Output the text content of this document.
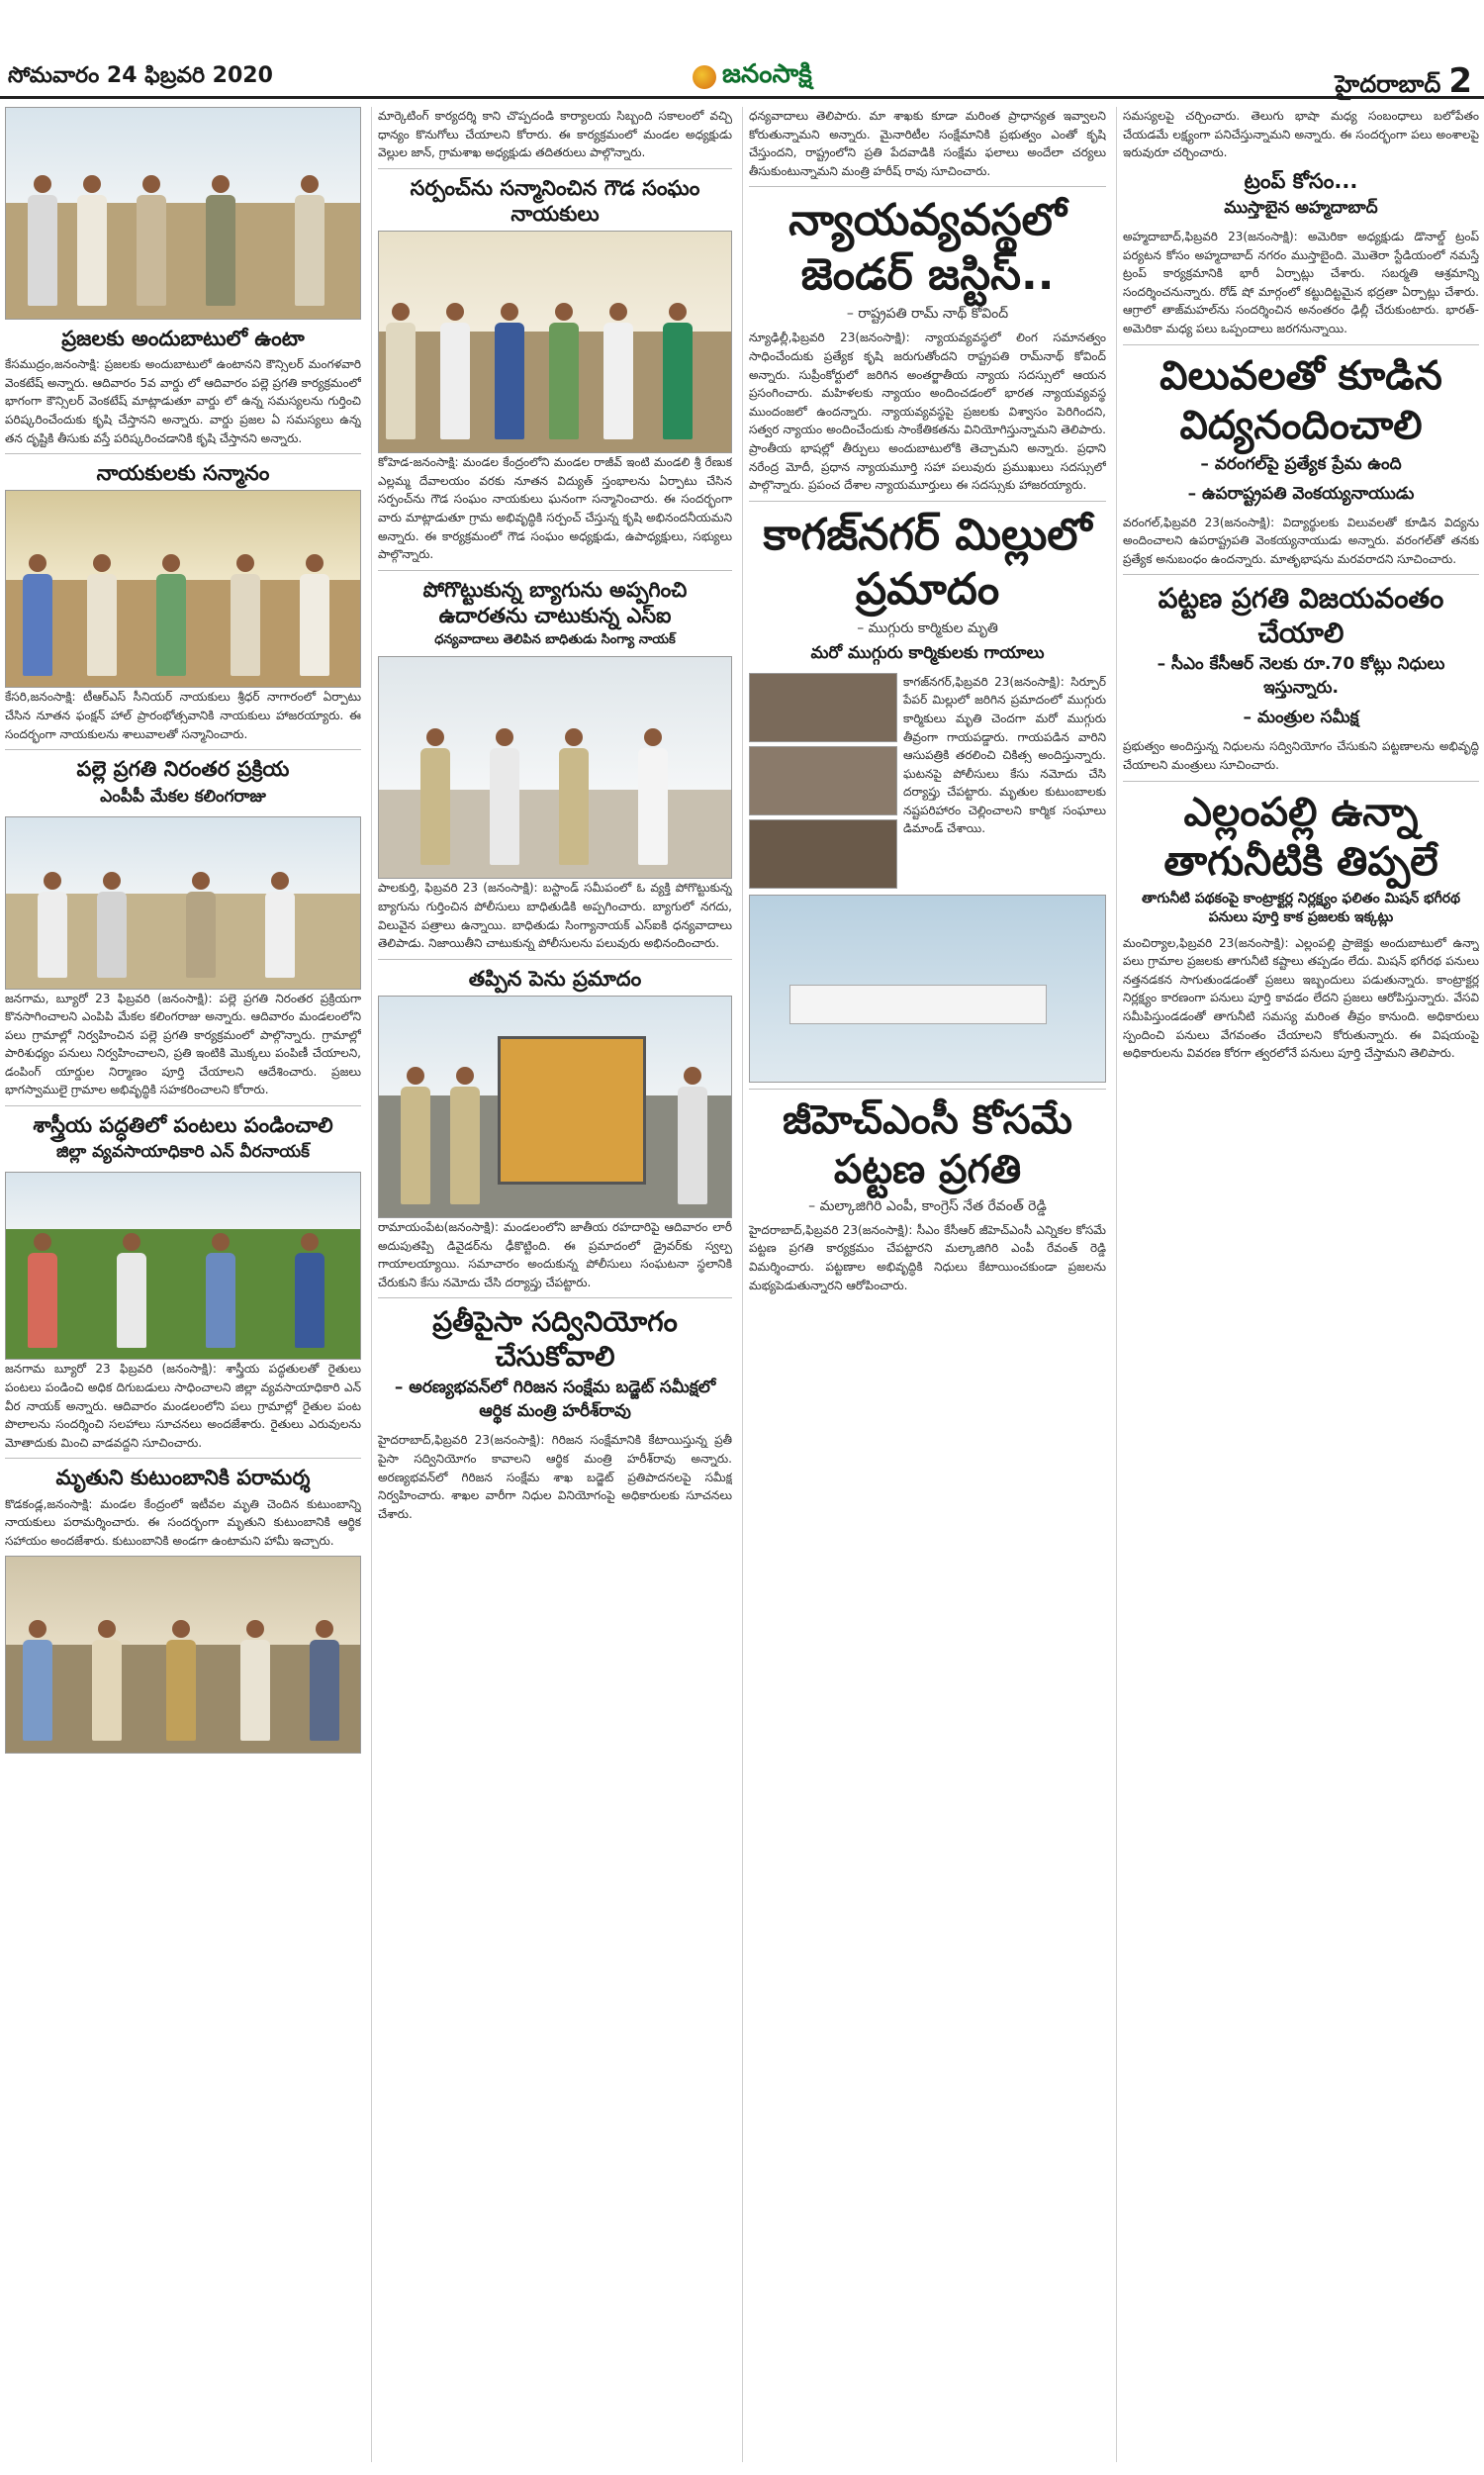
సోమవారం 24 ఫిబ్రవరి 2020	జనంసాక్షి	హైదరాబాద్ 2
ప్రజలకు అందుబాటులో ఉంటా
కేసముద్రం,జనంసాక్షి: ప్రజలకు అందుబాటులో ఉంటానని కౌన్సిలర్ మంగళవారి వెంకటేష్ అన్నారు. ఆదివారం 5వ వార్డు లో ఆదివారం పల్లె ప్రగతి కార్యక్రమంలో భాగంగా కౌన్సిలర్ వెంకటేష్ మాట్లాడుతూ వార్డు లో ఉన్న సమస్యలను గుర్తించి పరిష్కరించేందుకు కృషి చేస్తానని అన్నారు. వార్డు ప్రజల ఏ సమస్యలు ఉన్న తన దృష్టికి తీసుకు వస్తే పరిష్కరించడానికి కృషి చేస్తానని అన్నారు.
నాయకులకు సన్మానం
కేసరి,జనంసాక్షి: టీఆర్ఎస్ సీనియర్ నాయకులు శ్రీధర్ నాగారంలో ఏర్పాటు చేసిన నూతన ఫంక్షన్ హాల్ ప్రారంభోత్సవానికి నాయకులు హాజరయ్యారు. ఈ సందర్భంగా నాయకులను శాలువాలతో సన్మానించారు.
పల్లె ప్రగతి నిరంతర ప్రక్రియ
ఎంపీపీ మేకల కలింగరాజు
జనగామ, బ్యూరో 23 ఫిబ్రవరి (జనంసాక్షి): పల్లె ప్రగతి నిరంతర ప్రక్రియగా కొనసాగించాలని ఎంపిపి మేకల కలింగరాజు అన్నారు. ఆదివారం మండలంలోని పలు గ్రామాల్లో నిర్వహించిన పల్లె ప్రగతి కార్యక్రమంలో పాల్గొన్నారు. గ్రామాల్లో పారిశుధ్యం పనులు నిర్వహించాలని, ప్రతి ఇంటికి మొక్కలు పంపిణీ చేయాలని, డంపింగ్ యార్డుల నిర్మాణం పూర్తి చేయాలని ఆదేశించారు. ప్రజలు భాగస్వాములై గ్రామాల అభివృద్ధికి సహకరించాలని కోరారు.
శాస్త్రీయ పద్ధతిలో పంటలు పండించాలి
జిల్లా వ్యవసాయాధికారి ఎన్ వీరనాయక్
జనగామ బ్యూరో 23 ఫిబ్రవరి (జనంసాక్షి): శాస్త్రీయ పద్ధతులతో రైతులు పంటలు పండించి అధిక దిగుబడులు సాధించాలని జిల్లా వ్యవసాయాధికారి ఎన్ వీర నాయక్ అన్నారు. ఆదివారం మండలంలోని పలు గ్రామాల్లో రైతుల పంట పొలాలను సందర్శించి సలహాలు సూచనలు అందజేశారు. రైతులు ఎరువులను మోతాదుకు మించి వాడవద్దని సూచించారు.
మృతుని కుటుంబానికి పరామర్శ
కొడకండ్ల,జనంసాక్షి: మండల కేంద్రంలో ఇటీవల మృతి చెందిన కుటుంబాన్ని నాయకులు పరామర్శించారు. ఈ సందర్భంగా మృతుని కుటుంబానికి ఆర్థిక సహాయం అందజేశారు. కుటుంబానికి అండగా ఉంటామని హామీ ఇచ్చారు.
మార్కెటింగ్ కార్యదర్శి కాని చొప్పదండి కార్యాలయ సిబ్బంది సకాలంలో వచ్చి ధాన్యం కొనుగోలు చేయాలని కోరారు. ఈ కార్యక్రమంలో మండల అధ్యక్షుడు వెల్లుల జాన్, గ్రామశాఖ అధ్యక్షుడు తదితరులు పాల్గొన్నారు.
సర్పంచ్‌ను సన్మానించిన గౌడ సంఘం నాయకులు
కోహెడ-జనంసాక్షి: మండల కేంద్రంలోని మండల రాజీవ్ ఇంటి మండలి శ్రీ రేణుక ఎల్లమ్మ దేవాలయం వరకు నూతన విద్యుత్ స్తంభాలను ఏర్పాటు చేసిన సర్పంచ్‌ను గౌడ సంఘం నాయకులు ఘనంగా సన్మానించారు. ఈ సందర్భంగా వారు మాట్లాడుతూ గ్రామ అభివృద్ధికి సర్పంచ్ చేస్తున్న కృషి అభినందనీయమని అన్నారు. ఈ కార్యక్రమంలో గౌడ సంఘం అధ్యక్షుడు, ఉపాధ్యక్షులు, సభ్యులు పాల్గొన్నారు.
పోగొట్టుకున్న బ్యాగును అప్పగించి ఉదారతను చాటుకున్న ఎస్ఐ
ధన్యవాదాలు తెలిపిన బాధితుడు సింగ్యా నాయక్
పాలకుర్తి, ఫిబ్రవరి 23 (జనంసాక్షి): బస్టాండ్ సమీపంలో ఓ వ్యక్తి పోగొట్టుకున్న బ్యాగును గుర్తించిన పోలీసులు బాధితుడికి అప్పగించారు. బ్యాగులో నగదు, విలువైన పత్రాలు ఉన్నాయి. బాధితుడు సింగ్యానాయక్ ఎస్ఐకి ధన్యవాదాలు తెలిపాడు. నిజాయితీని చాటుకున్న పోలీసులను పలువురు అభినందించారు.
తప్పిన పెను ప్రమాదం
రామాయంపేట(జనంసాక్షి): మండలంలోని జాతీయ రహదారిపై ఆదివారం లారీ అదుపుతప్పి డివైడర్‌ను ఢీకొట్టింది. ఈ ప్రమాదంలో డ్రైవర్‌కు స్వల్ప గాయాలయ్యాయి. సమాచారం అందుకున్న పోలీసులు సంఘటనా స్థలానికి చేరుకుని కేసు నమోదు చేసి దర్యాప్తు చేపట్టారు.
ప్రతీపైసా సద్వినియోగం చేసుకోవాలి
– అరణ్యభవన్‌లో గిరిజన సంక్షేమ బడ్జెట్ సమీక్షలో ఆర్థిక మంత్రి హరీశ్‌రావు
హైదరాబాద్,ఫిబ్రవరి 23(జనంసాక్షి): గిరిజన సంక్షేమానికి కేటాయిస్తున్న ప్రతీ పైసా సద్వినియోగం కావాలని ఆర్థిక మంత్రి హరీశ్‌రావు అన్నారు. అరణ్యభవన్‌లో గిరిజన సంక్షేమ శాఖ బడ్జెట్ ప్రతిపాదనలపై సమీక్ష నిర్వహించారు. శాఖల వారీగా నిధుల వినియోగంపై అధికారులకు సూచనలు చేశారు.
ధన్యవాదాలు తెలిపారు. మా శాఖకు కూడా మరింత ప్రాధాన్యత ఇవ్వాలని కోరుతున్నామని అన్నారు. మైనారిటీల సంక్షేమానికి ప్రభుత్వం ఎంతో కృషి చేస్తుందని, రాష్ట్రంలోని ప్రతి పేదవాడికి సంక్షేమ ఫలాలు అందేలా చర్యలు తీసుకుంటున్నామని మంత్రి హరీష్ రావు సూచించారు.
న్యాయవ్యవస్థలో జెండర్ జస్టిస్..
– రాష్ట్రపతి రామ్ నాథ్ కోవింద్
న్యూఢిల్లీ,ఫిబ్రవరి 23(జనంసాక్షి): న్యాయవ్యవస్థలో లింగ సమానత్వం సాధించేందుకు ప్రత్యేక కృషి జరుగుతోందని రాష్ట్రపతి రామ్‌నాథ్ కోవింద్ అన్నారు. సుప్రీంకోర్టులో జరిగిన అంతర్జాతీయ న్యాయ సదస్సులో ఆయన ప్రసంగించారు. మహిళలకు న్యాయం అందించడంలో భారత న్యాయవ్యవస్థ ముందంజలో ఉందన్నారు. న్యాయవ్యవస్థపై ప్రజలకు విశ్వాసం పెరిగిందని, సత్వర న్యాయం అందించేందుకు సాంకేతికతను వినియోగిస్తున్నామని తెలిపారు. ప్రాంతీయ భాషల్లో తీర్పులు అందుబాటులోకి తెచ్చామని అన్నారు. ప్రధాని నరేంద్ర మోదీ, ప్రధాన న్యాయమూర్తి సహా పలువురు ప్రముఖులు సదస్సులో పాల్గొన్నారు. ప్రపంచ దేశాల న్యాయమూర్తులు ఈ సదస్సుకు హాజరయ్యారు.
కాగజ్‌నగర్ మిల్లులో ప్రమాదం
– ముగ్గురు కార్మికుల మృతి
మరో ముగ్గురు కార్మికులకు గాయాలు
కాగజ్‌నగర్,ఫిబ్రవరి 23(జనంసాక్షి): సిర్పూర్ పేపర్ మిల్లులో జరిగిన ప్రమాదంలో ముగ్గురు కార్మికులు మృతి చెందగా మరో ముగ్గురు తీవ్రంగా గాయపడ్డారు. గాయపడిన వారిని ఆసుపత్రికి తరలించి చికిత్స అందిస్తున్నారు. ఘటనపై పోలీసులు కేసు నమోదు చేసి దర్యాప్తు చేపట్టారు. మృతుల కుటుంబాలకు నష్టపరిహారం చెల్లించాలని కార్మిక సంఘాలు డిమాండ్ చేశాయి.
జీహెచ్ఎంసీ కోసమే పట్టణ ప్రగతి
– మల్కాజిగిరి ఎంపీ, కాంగ్రెస్ నేత రేవంత్ రెడ్డి
హైదరాబాద్,ఫిబ్రవరి 23(జనంసాక్షి): సీఎం కేసీఆర్ జీహెచ్ఎంసీ ఎన్నికల కోసమే పట్టణ ప్రగతి కార్యక్రమం చేపట్టారని మల్కాజిగిరి ఎంపీ రేవంత్ రెడ్డి విమర్శించారు. పట్టణాల అభివృద్ధికి నిధులు కేటాయించకుండా ప్రజలను మభ్యపెడుతున్నారని ఆరోపించారు.
సమస్యలపై చర్చించారు. తెలుగు భాషా మధ్య సంబంధాలు బలోపేతం చేయడమే లక్ష్యంగా పనిచేస్తున్నామని అన్నారు. ఈ సందర్భంగా పలు అంశాలపై ఇరువురూ చర్చించారు.
ట్రంప్ కోసం...
ముస్తాబైన అహ్మదాబాద్
అహ్మదాబాద్,ఫిబ్రవరి 23(జనంసాక్షి): అమెరికా అధ్యక్షుడు డొనాల్డ్ ట్రంప్ పర్యటన కోసం అహ్మదాబాద్ నగరం ముస్తాబైంది. మొతెరా స్టేడియంలో నమస్తే ట్రంప్ కార్యక్రమానికి భారీ ఏర్పాట్లు చేశారు. సబర్మతి ఆశ్రమాన్ని సందర్శించనున్నారు. రోడ్ షో మార్గంలో కట్టుదిట్టమైన భద్రతా ఏర్పాట్లు చేశారు. ఆగ్రాలో తాజ్‌మహల్‌ను సందర్శించిన అనంతరం ఢిల్లీ చేరుకుంటారు. భారత్-అమెరికా మధ్య పలు ఒప్పందాలు జరగనున్నాయి.
విలువలతో కూడిన విద్యనందించాలి
– వరంగల్‌పై ప్రత్యేక ప్రేమ ఉంది
– ఉపరాష్ట్రపతి వెంకయ్యనాయుడు
వరంగల్,ఫిబ్రవరి 23(జనంసాక్షి): విద్యార్థులకు విలువలతో కూడిన విద్యను అందించాలని ఉపరాష్ట్రపతి వెంకయ్యనాయుడు అన్నారు. వరంగల్‌తో తనకు ప్రత్యేక అనుబంధం ఉందన్నారు. మాతృభాషను మరవరాదని సూచించారు.
పట్టణ ప్రగతి విజయవంతం చేయాలి
– సీఎం కేసీఆర్ నెలకు రూ.70 కోట్లు నిధులు ఇస్తున్నారు.
– మంత్రుల సమీక్ష
ప్రభుత్వం అందిస్తున్న నిధులను సద్వినియోగం చేసుకుని పట్టణాలను అభివృద్ధి చేయాలని మంత్రులు సూచించారు.
ఎల్లంపల్లి ఉన్నా తాగునీటికి తిప్పలే
తాగునీటి పథకంపై కాంట్రాక్టర్ల నిర్లక్ష్యం ఫలితం మిషన్ భగీరథ పనులు పూర్తి కాక ప్రజలకు ఇక్కట్లు
మంచిర్యాల,ఫిబ్రవరి 23(జనంసాక్షి): ఎల్లంపల్లి ప్రాజెక్టు అందుబాటులో ఉన్నా పలు గ్రామాల ప్రజలకు తాగునీటి కష్టాలు తప్పడం లేదు. మిషన్ భగీరథ పనులు నత్తనడకన సాగుతుండడంతో ప్రజలు ఇబ్బందులు పడుతున్నారు. కాంట్రాక్టర్ల నిర్లక్ష్యం కారణంగా పనులు పూర్తి కావడం లేదని ప్రజలు ఆరోపిస్తున్నారు. వేసవి సమీపిస్తుండడంతో తాగునీటి సమస్య మరింత తీవ్రం కానుంది. అధికారులు స్పందించి పనులు వేగవంతం చేయాలని కోరుతున్నారు. ఈ విషయంపై అధికారులను వివరణ కోరగా త్వరలోనే పనులు పూర్తి చేస్తామని తెలిపారు.
